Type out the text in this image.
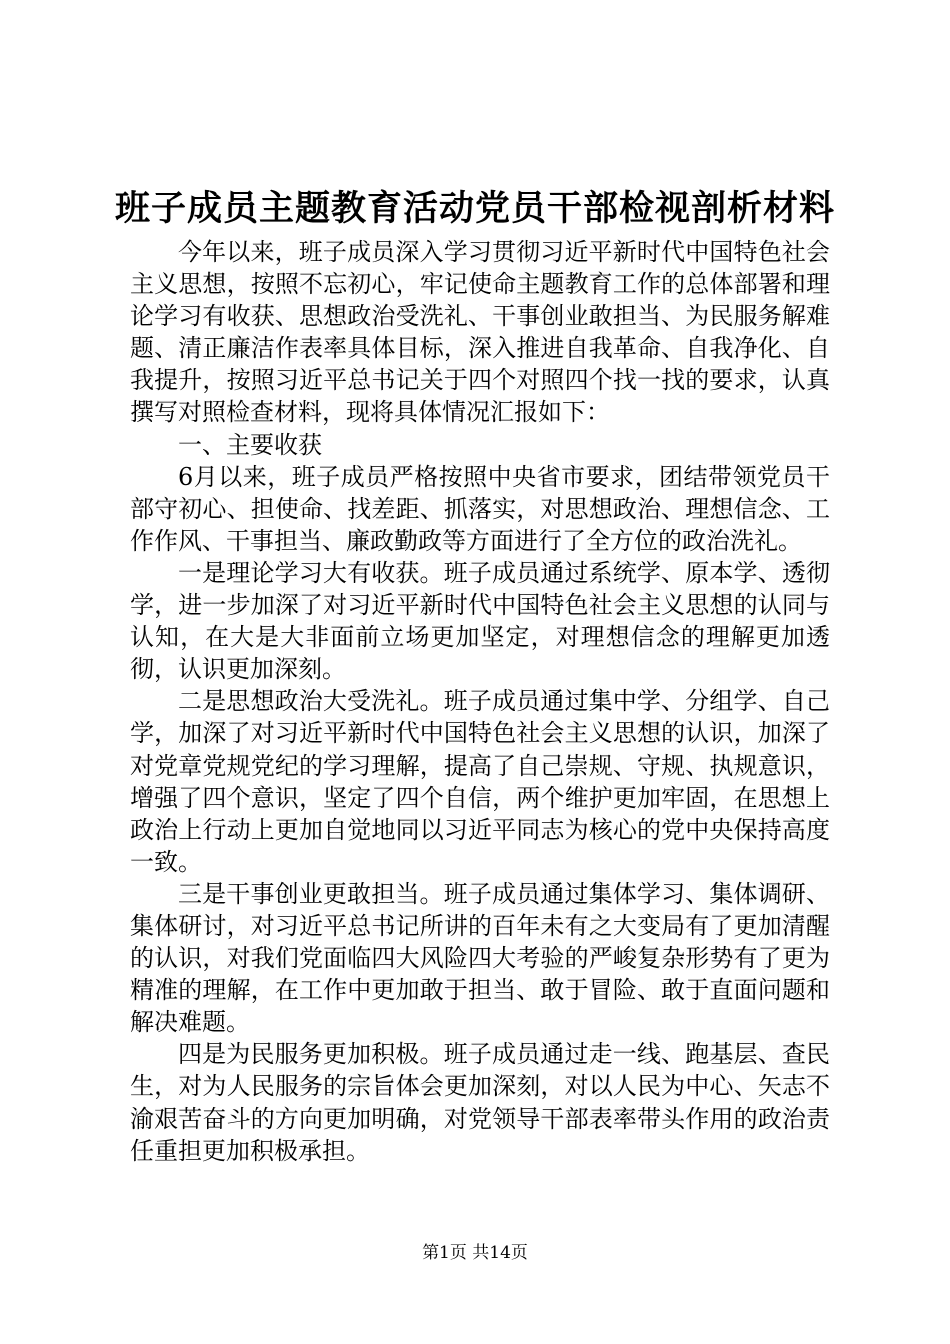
班子成员主题教育活动党员干部检视剖析材料

今年以来，班子成员深入学习贯彻习近平新时代中国特色社会主义思想，按照不忘初心，牢记使命主题教育工作的总体部署和理论学习有收获、思想政治受洗礼、干事创业敢担当、为民服务解难题、清正廉洁作表率具体目标，深入推进自我革命、自我净化、自我提升，按照习近平总书记关于四个对照四个找一找的要求，认真撰写对照检查材料，现将具体情况汇报如下：

一、主要收获

6月以来，班子成员严格按照中央省市要求，团结带领党员干部守初心、担使命、找差距、抓落实，对思想政治、理想信念、工作作风、干事担当、廉政勤政等方面进行了全方位的政治洗礼。

一是理论学习大有收获。班子成员通过系统学、原本学、透彻学，进一步加深了对习近平新时代中国特色社会主义思想的认同与认知，在大是大非面前立场更加坚定，对理想信念的理解更加透彻，认识更加深刻。

二是思想政治大受洗礼。班子成员通过集中学、分组学、自己学，加深了对习近平新时代中国特色社会主义思想的认识，加深了对党章党规党纪的学习理解，提高了自己崇规、守规、执规意识，增强了四个意识，坚定了四个自信，两个维护更加牢固，在思想上政治上行动上更加自觉地同以习近平同志为核心的党中央保持高度一致。

三是干事创业更敢担当。班子成员通过集体学习、集体调研、集体研讨，对习近平总书记所讲的百年未有之大变局有了更加清醒的认识，对我们党面临四大风险四大考验的严峻复杂形势有了更为精准的理解，在工作中更加敢于担当、敢于冒险、敢于直面问题和解决难题。

四是为民服务更加积极。班子成员通过走一线、跑基层、查民生，对为人民服务的宗旨体会更加深刻，对以人民为中心、矢志不渝艰苦奋斗的方向更加明确，对党领导干部表率带头作用的政治责任重担更加积极承担。

第1页 共14页
